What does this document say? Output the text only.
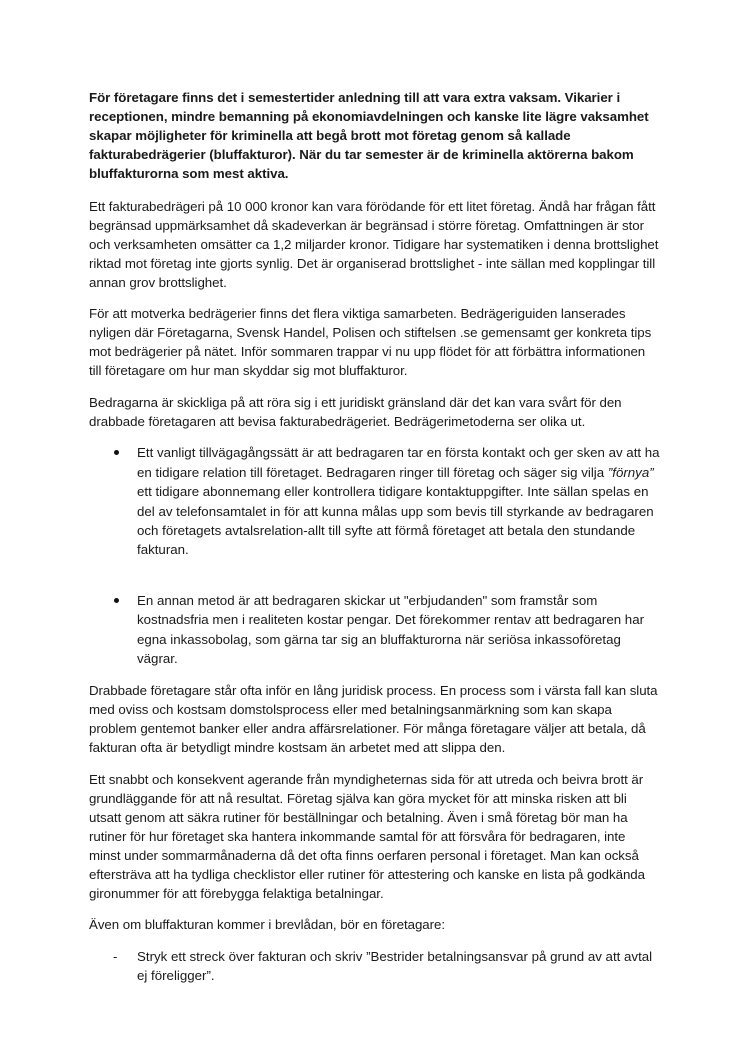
För företagare finns det i semestertider anledning till att vara extra vaksam. Vikarier i receptionen, mindre bemanning på ekonomiavdelningen och kanske lite lägre vaksamhet skapar möjligheter för kriminella att begå brott mot företag genom så kallade fakturabedrägerier (bluffakturor). När du tar semester är de kriminella aktörerna bakom bluffakturorna som mest aktiva.

Ett fakturabedrägeri på 10 000 kronor kan vara förödande för ett litet företag. Ändå har frågan fått begränsad uppmärksamhet då skadeverkan är begränsad i större företag. Omfattningen är stor och verksamheten omsätter ca 1,2 miljarder kronor. Tidigare har systematiken i denna brottslighet riktad mot företag inte gjorts synlig. Det är organiserad brottslighet - inte sällan med kopplingar till annan grov brottslighet.

För att motverka bedrägerier finns det flera viktiga samarbeten. Bedrägeriguiden lanserades nyligen där Företagarna, Svensk Handel, Polisen och stiftelsen .se gemensamt ger konkreta tips mot bedrägerier på nätet. Inför sommaren trappar vi nu upp flödet för att förbättra informationen till företagare om hur man skyddar sig mot bluffakturor.

Bedragarna är skickliga på att röra sig i ett juridiskt gränsland där det kan vara svårt för den drabbade företagaren att bevisa fakturabedrägeriet. Bedrägerimetoderna ser olika ut.

Ett vanligt tillvägagångssätt är att bedragaren tar en första kontakt och ger sken av att ha en tidigare relation till företaget. Bedragaren ringer till företag och säger sig vilja ”förnya” ett tidigare abonnemang eller kontrollera tidigare kontaktuppgifter. Inte sällan spelas en del av telefonsamtalet in för att kunna målas upp som bevis till styrkande av bedragaren och företagets avtalsrelation-allt till syfte att förmå företaget att betala den stundande fakturan.
En annan metod är att bedragaren skickar ut "erbjudanden" som framstår som kostnadsfria men i realiteten kostar pengar. Det förekommer rentav att bedragaren har egna inkassobolag, som gärna tar sig an bluffakturorna när seriösa inkassoföretag vägrar.

Drabbade företagare står ofta inför en lång juridisk process. En process som i värsta fall kan sluta med oviss och kostsam domstolsprocess eller med betalningsanmärkning som kan skapa problem gentemot banker eller andra affärsrelationer. För många företagare väljer att betala, då fakturan ofta är betydligt mindre kostsam än arbetet med att slippa den.

Ett snabbt och konsekvent agerande från myndigheternas sida för att utreda och beivra brott är grundläggande för att nå resultat. Företag själva kan göra mycket för att minska risken att bli utsatt genom att säkra rutiner för beställningar och betalning. Även i små företag bör man ha rutiner för hur företaget ska hantera inkommande samtal för att försvåra för bedragaren, inte minst under sommarmånaderna då det ofta finns oerfaren personal i företaget. Man kan också eftersträva att ha tydliga checklistor eller rutiner för attestering och kanske en lista på godkända gironummer för att förebygga felaktiga betalningar.

Även om bluffakturan kommer i brevlådan, bör en företagare:

-	Stryk ett streck över fakturan och skriv ”Bestrider betalningsansvar på grund av att avtal ej föreligger”.
